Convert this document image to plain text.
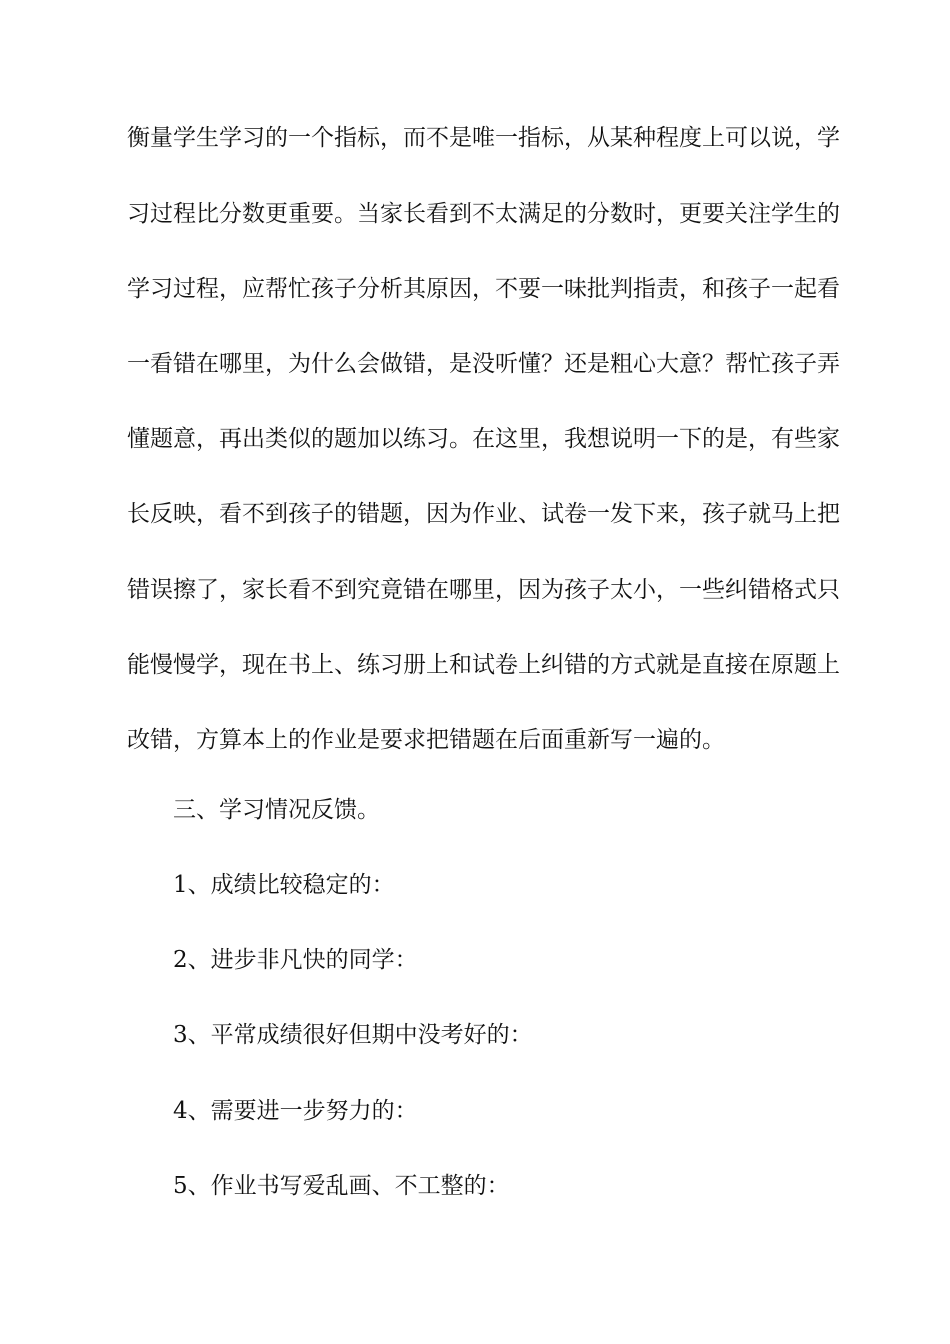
衡量学生学习的一个指标，而不是唯一指标，从某种程度上可以说，学
习过程比分数更重要。当家长看到不太满足的分数时，更要关注学生的
学习过程，应帮忙孩子分析其原因，不要一味批判指责，和孩子一起看
一看错在哪里，为什么会做错，是没听懂？还是粗心大意？帮忙孩子弄
懂题意，再出类似的题加以练习。在这里，我想说明一下的是，有些家
长反映，看不到孩子的错题，因为作业、试卷一发下来，孩子就马上把
错误擦了，家长看不到究竟错在哪里，因为孩子太小，一些纠错格式只
能慢慢学，现在书上、练习册上和试卷上纠错的方式就是直接在原题上
改错，方算本上的作业是要求把错题在后面重新写一遍的。
三、学习情况反馈。
1、成绩比较稳定的：
2、进步非凡快的同学：
3、平常成绩很好但期中没考好的：
4、需要进一步努力的：
5、作业书写爱乱画、不工整的：
